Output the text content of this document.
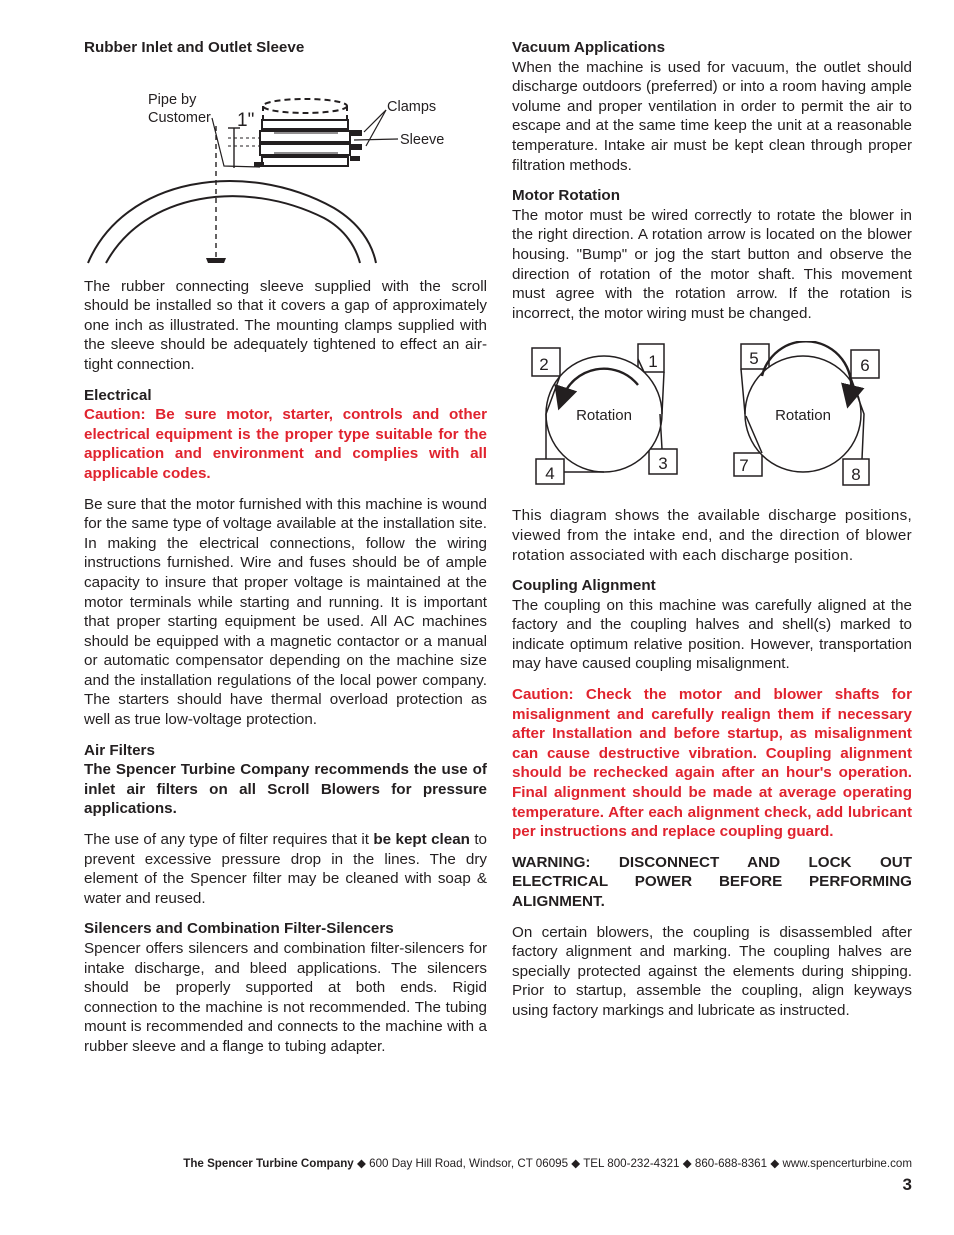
Rubber Inlet and Outlet Sleeve
1"
Pipe by
Customer
Clamps
Sleeve

The rubber connecting sleeve supplied with the scroll should be installed so that it covers a gap of approximately one inch as illustrated. The mounting clamps supplied with the sleeve should be adequately tightened to effect an air-tight connection.

Electrical

Caution: Be sure motor, starter, controls and other electrical equipment is the proper type suitable for the application and environment and complies with all applicable codes.

Be sure that the motor furnished with this machine is wound for the same type of voltage available at the installation site. In making the electrical connections, follow the wiring instructions furnished. Wire and fuses should be of ample capacity to insure that proper voltage is maintained at the motor terminals while starting and running. It is important that proper starting equipment be used. All AC machines should be equipped with a magnetic contactor or a manual or automatic compensator depending on the machine size and the installation regulations of the local power company. The starters should have thermal overload protection as well as true low-voltage protection.

Air Filters

The Spencer Turbine Company recommends the use of inlet air filters on all Scroll Blowers for pressure applications.

The use of any type of filter requires that it be kept clean to prevent excessive pressure drop in the lines. The dry element of the Spencer filter may be cleaned with soap & water and reused.

Silencers and Combination Filter-Silencers

Spencer offers silencers and combination filter-silencers for intake discharge, and bleed applications. The silencers should be properly supported at both ends. Rigid connection to the machine is not recommended. The tubing mount is recommended and connects to the machine with a rubber sleeve and a flange to tubing adapter.

Vacuum Applications

When the machine is used for vacuum, the outlet should discharge outdoors (preferred) or into a room having ample volume and proper ventilation in order to permit the air to escape and at the same time keep the unit at a reasonable temperature. Intake air must be kept clean through proper filtration methods.

Motor Rotation

The motor must be wired correctly to rotate the blower in the right direction. A rotation arrow is located on the blower housing. "Bump" or jog the start button and observe the direction of rotation of the motor shaft. This movement must agree with the rotation arrow. If the rotation is incorrect, the motor wiring must be changed.

Rotation
1
2
3
4
Rotation
5	6
7	8

This diagram shows the available discharge positions, viewed from the intake end, and the direction of blower rotation associated with each discharge position.

Coupling Alignment

The coupling on this machine was carefully aligned at the factory and the coupling halves and shell(s) marked to indicate optimum relative position. However, transportation may have caused coupling misalignment.

Caution: Check the motor and blower shafts for misalignment and carefully realign them if necessary after Installation and before startup, as misalignment can cause destructive vibration. Coupling alignment should be rechecked again after an hour's operation. Final alignment should be made at average operating temperature. After each alignment check, add lubricant per instructions and replace coupling guard.

WARNING: DISCONNECT AND LOCK OUT ELECTRICAL POWER BEFORE PERFORMING ALIGNMENT.

On certain blowers, the coupling is disassembled after factory alignment and marking. The coupling halves are specially protected against the elements during shipping. Prior to startup, assemble the coupling, align keyways using factory markings and lubricate as instructed.

The Spencer Turbine Company ◆ 600 Day Hill Road, Windsor, CT 06095 ◆ TEL 800-232-4321 ◆ 860-688-8361 ◆ www.spencerturbine.com
3
